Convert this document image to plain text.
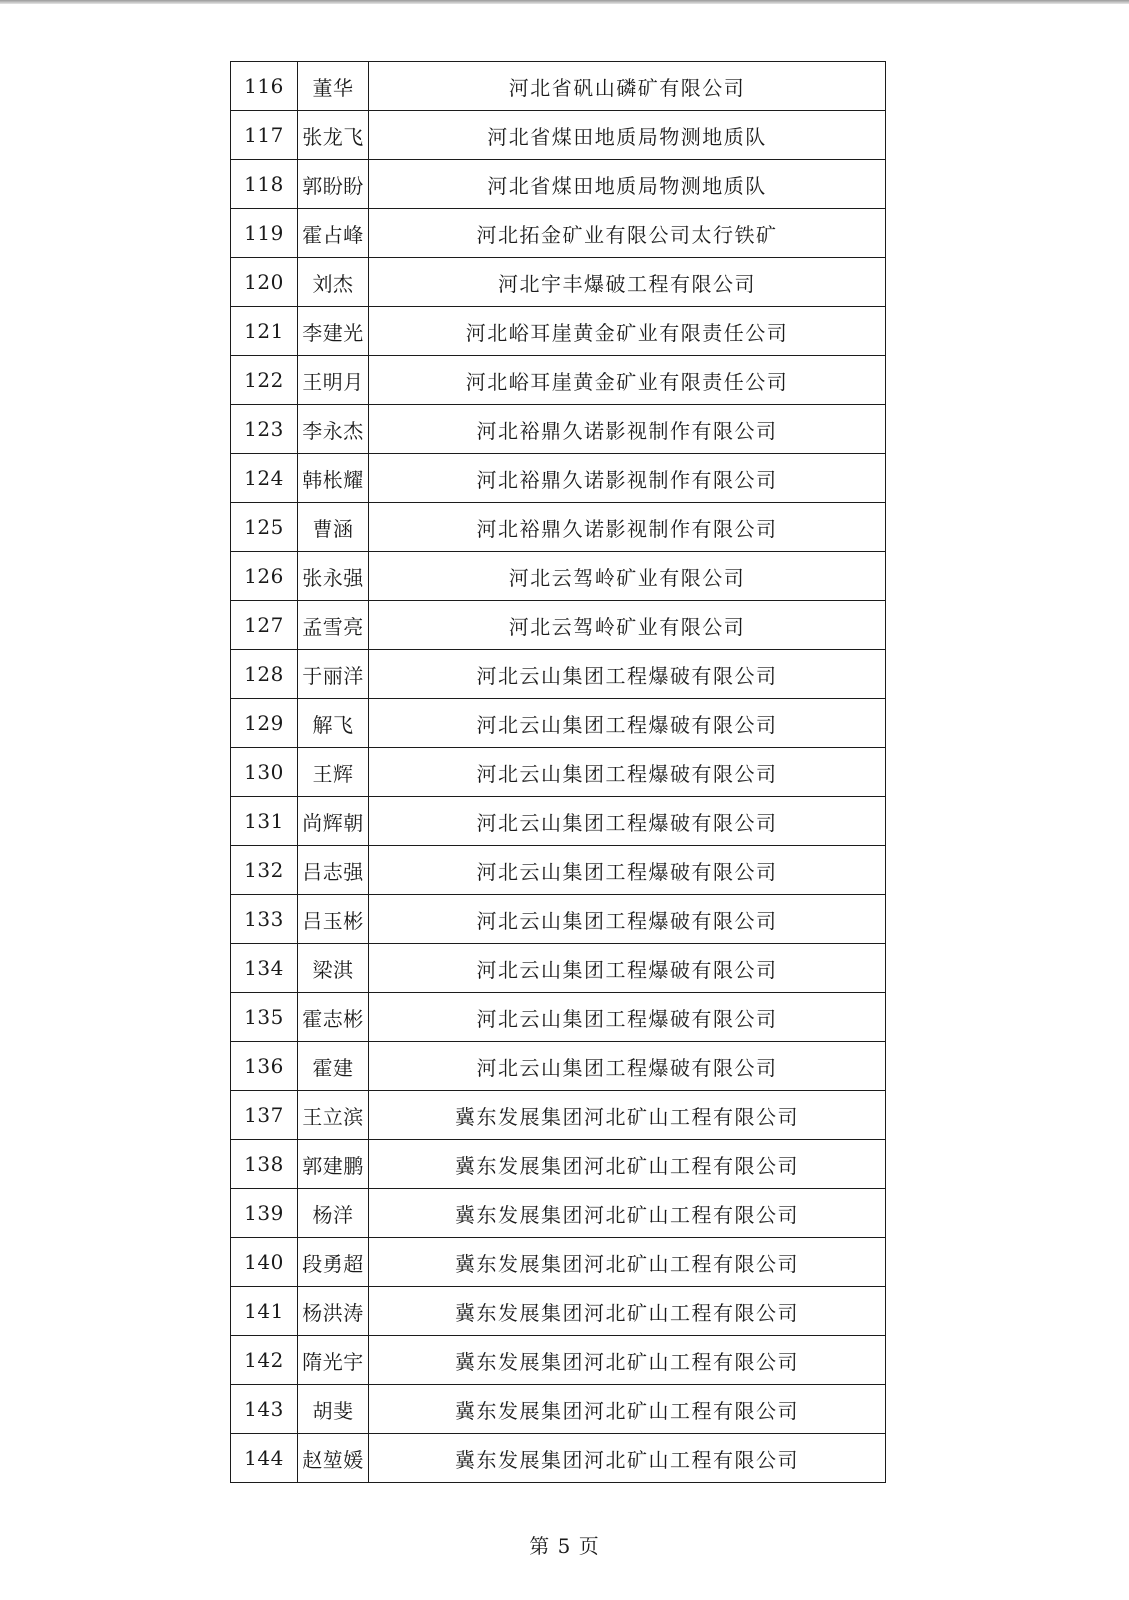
116	董华	河北省矾山磷矿有限公司
117	张龙飞	河北省煤田地质局物测地质队
118	郭盼盼	河北省煤田地质局物测地质队
119	霍占峰	河北拓金矿业有限公司太行铁矿
120	刘杰	河北宇丰爆破工程有限公司
121	李建光	河北峪耳崖黄金矿业有限责任公司
122	王明月	河北峪耳崖黄金矿业有限责任公司
123	李永杰	河北裕鼎久诺影视制作有限公司
124	韩枨耀	河北裕鼎久诺影视制作有限公司
125	曹涵	河北裕鼎久诺影视制作有限公司
126	张永强	河北云驾岭矿业有限公司
127	孟雪亮	河北云驾岭矿业有限公司
128	于丽洋	河北云山集团工程爆破有限公司
129	解飞	河北云山集团工程爆破有限公司
130	王辉	河北云山集团工程爆破有限公司
131	尚辉朝	河北云山集团工程爆破有限公司
132	吕志强	河北云山集团工程爆破有限公司
133	吕玉彬	河北云山集团工程爆破有限公司
134	梁淇	河北云山集团工程爆破有限公司
135	霍志彬	河北云山集团工程爆破有限公司
136	霍建	河北云山集团工程爆破有限公司
137	王立滨	冀东发展集团河北矿山工程有限公司
138	郭建鹏	冀东发展集团河北矿山工程有限公司
139	杨洋	冀东发展集团河北矿山工程有限公司
140	段勇超	冀东发展集团河北矿山工程有限公司
141	杨洪涛	冀东发展集团河北矿山工程有限公司
142	隋光宇	冀东发展集团河北矿山工程有限公司
143	胡斐	冀东发展集团河北矿山工程有限公司
144	赵堃媛	冀东发展集团河北矿山工程有限公司
第 5 页
